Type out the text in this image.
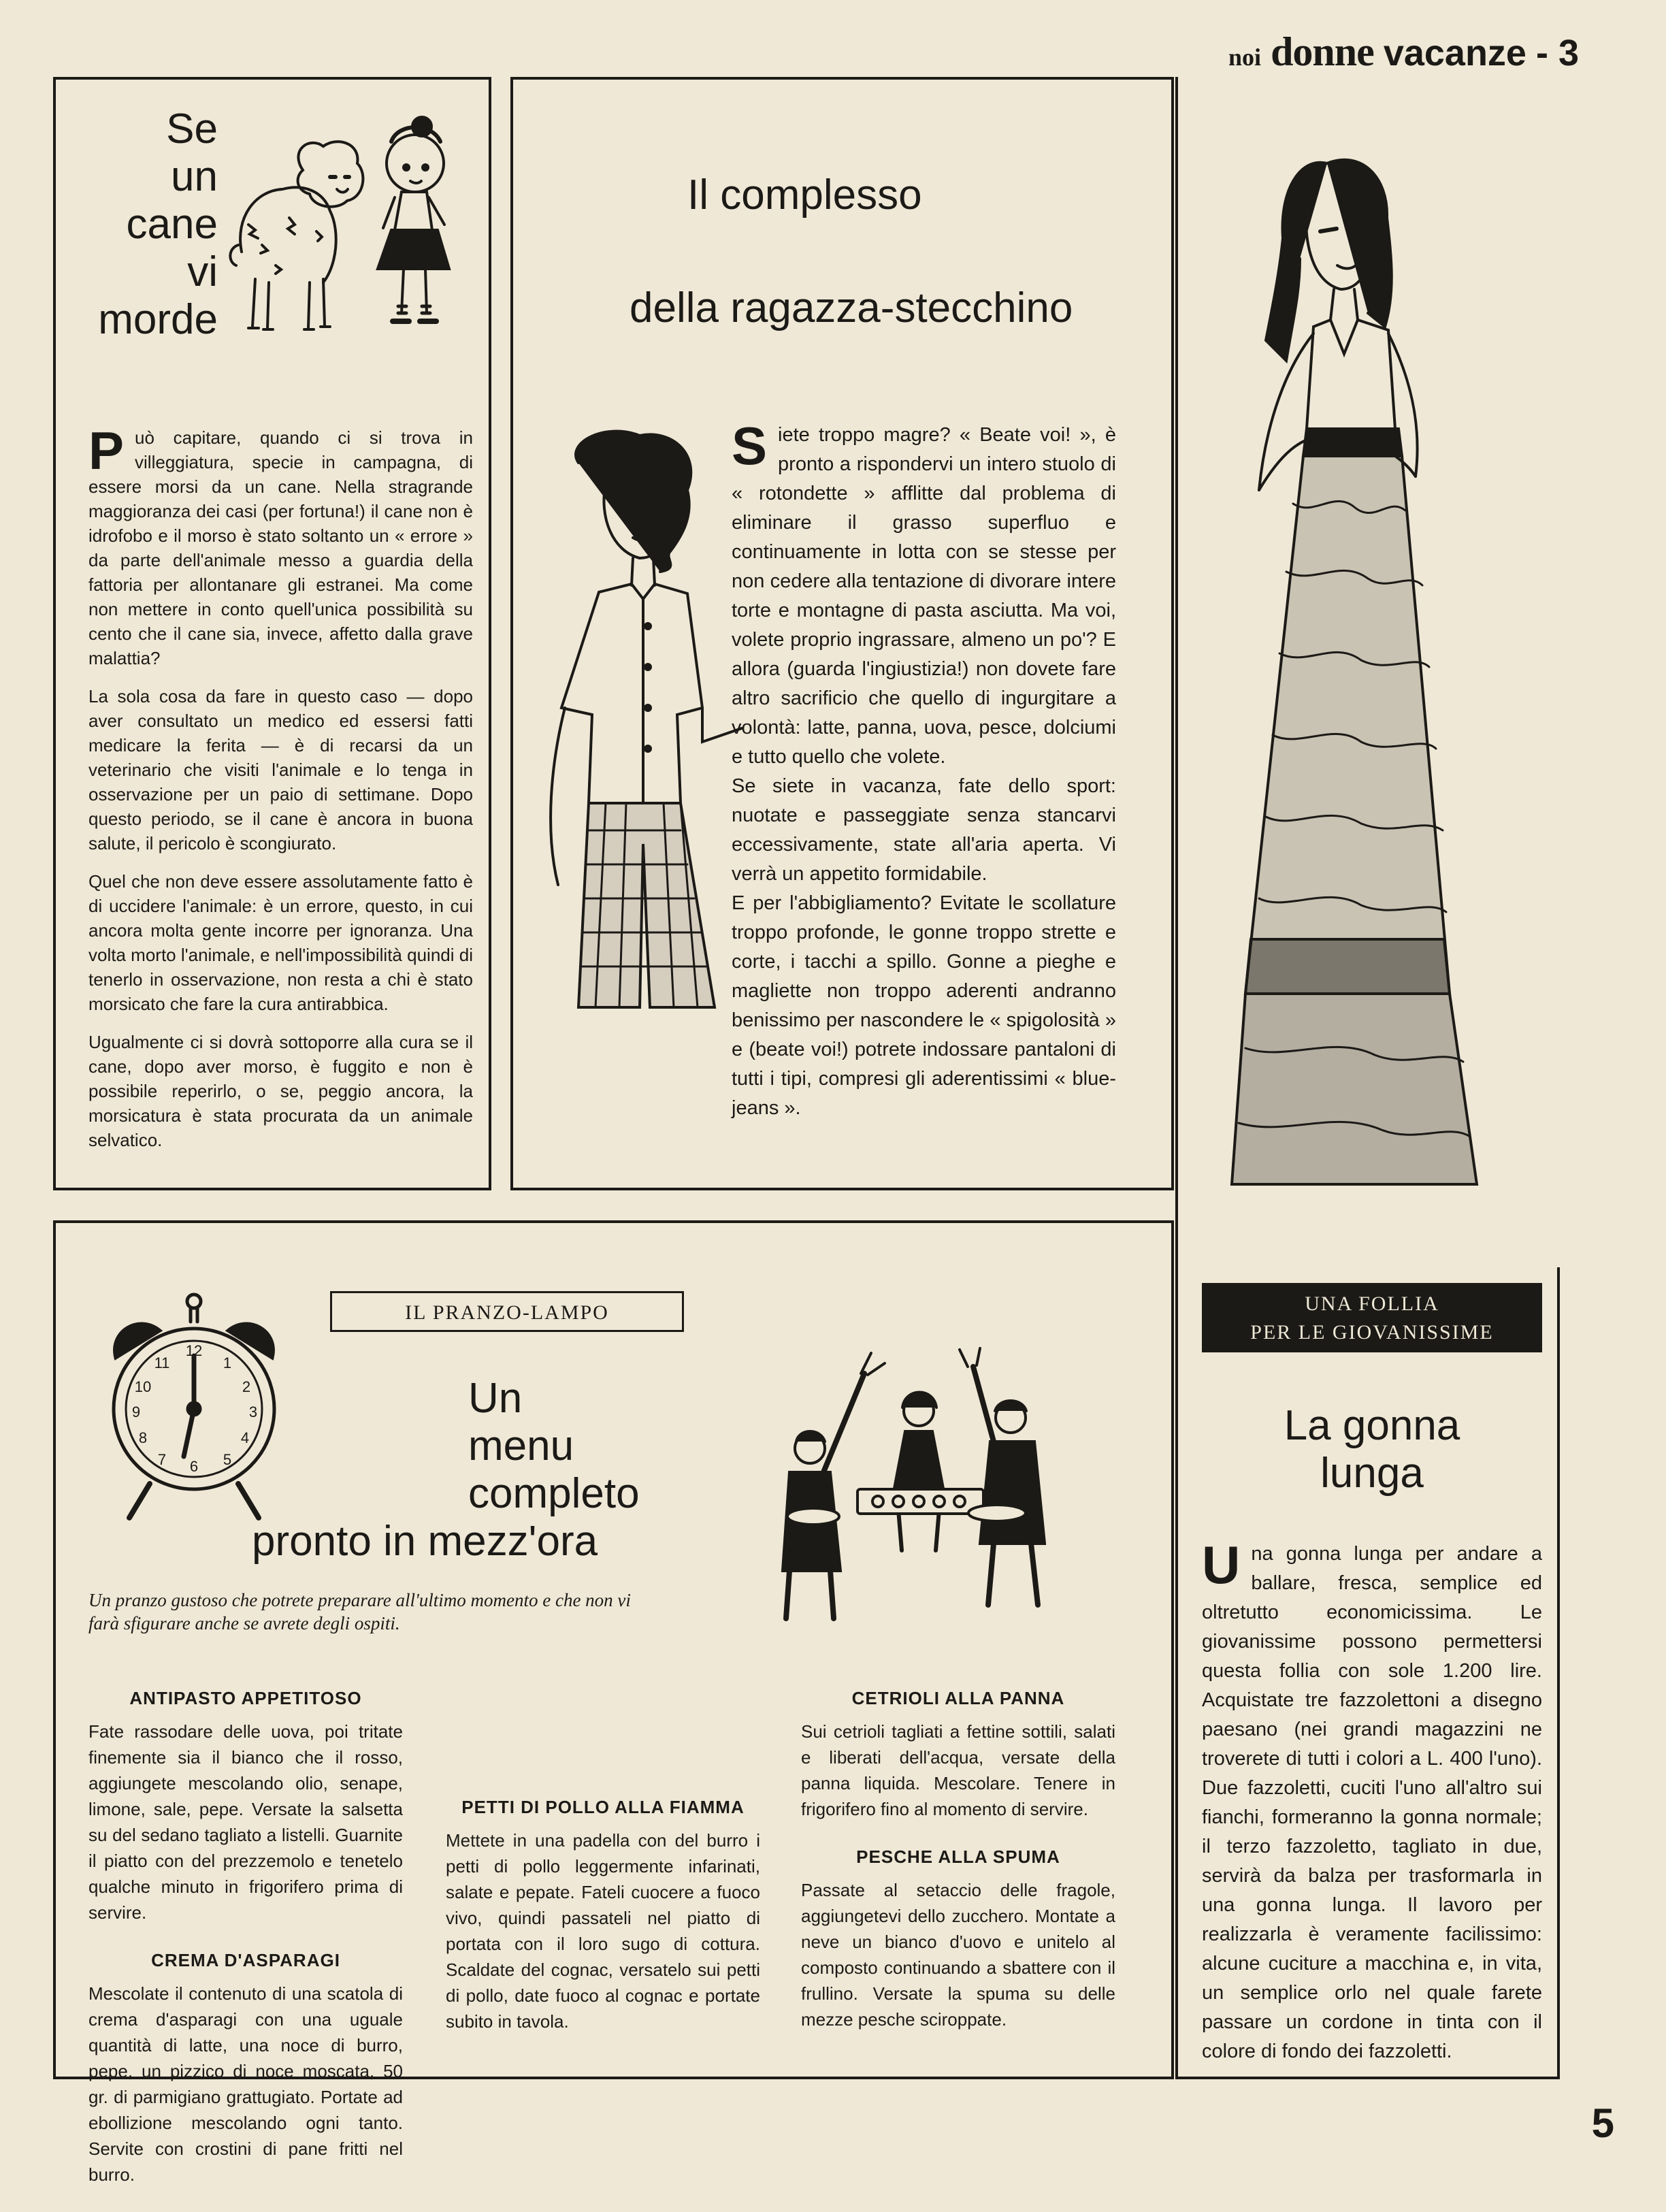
noi donne vacanze - 3
Se
un
cane
vi
morde

Può capitare, quando ci si trova in villeggiatura, specie in campagna, di essere morsi da un cane. Nella stragrande maggioranza dei casi (per fortuna!) il cane non è idrofobo e il morso è stato soltanto un « errore » da parte dell'animale messo a guardia della fattoria per allontanare gli estranei. Ma come non mettere in conto quell'unica possibilità su cento che il cane sia, invece, affetto dalla grave malattia?

La sola cosa da fare in questo caso — dopo aver consultato un medico ed essersi fatti medicare la ferita — è di recarsi da un veterinario che visiti l'animale e lo tenga in osservazione per un paio di settimane. Dopo questo periodo, se il cane è ancora in buona salute, il pericolo è scongiurato.

Quel che non deve essere assolutamente fatto è di uccidere l'animale: è un errore, questo, in cui ancora molta gente incorre per ignoranza. Una volta morto l'animale, e nell'impossibilità quindi di tenerlo in osservazione, non resta a chi è stato morsicato che fare la cura antirabbica.

Ugualmente ci si dovrà sottoporre alla cura se il cane, dopo aver morso, è fuggito e non è possibile reperirlo, o se, peggio ancora, la morsicatura è stata procurata da un animale selvatico.

Il complesso
della ragazza-stecchino

Siete troppo magre? « Beate voi! », è pronto a rispondervi un intero stuolo di « rotondette » afflitte dal problema di eliminare il grasso superfluo e continuamente in lotta con se stesse per non cedere alla tentazione di divorare intere torte e montagne di pasta asciutta. Ma voi, volete proprio ingrassare, almeno un po'? E allora (guarda l'ingiustizia!) non dovete fare altro sacrificio che quello di ingurgitare a volontà: latte, panna, uova, pesce, dolciumi e tutto quello che volete.

Se siete in vacanza, fate dello sport: nuotate e passeggiate senza stancarvi eccessivamente, state all'aria aperta. Vi verrà un appetito formidabile.

E per l'abbigliamento? Evitate le scollature troppo profonde, le gonne troppo strette e corte, i tacchi a spillo. Gonne a pieghe e magliette non troppo aderenti andranno benissimo per nascondere le « spigolosità » e (beate voi!) potrete indossare pantaloni di tutti i tipi, compresi gli aderentissimi « blue-jeans ».

IL PRANZO-LAMPO
12
1
2
3
4
5
6
7
8
9
10
11
Un
menu
completo
pronto in mezz'ora
Un pranzo gustoso che potrete preparare all'ultimo momento e che non vi farà sfigurare anche se avrete degli ospiti.
ANTIPASTO APPETITOSO

Fate rassodare delle uova, poi tritate finemente sia il bianco che il rosso, aggiungete mescolando olio, senape, limone, sale, pepe. Versate la salsetta su del sedano tagliato a listelli. Guarnite il piatto con del prezzemolo e tenetelo qualche minuto in frigorifero prima di servire.

CREMA D'ASPARAGI

Mescolate il contenuto di una scatola di crema d'asparagi con una uguale quantità di latte, una noce di burro, pepe, un pizzico di noce moscata, 50 gr. di parmigiano grattugiato. Portate ad ebollizione mescolando ogni tanto. Servite con crostini di pane fritti nel burro.

PETTI DI POLLO ALLA FIAMMA

Mettete in una padella con del burro i petti di pollo leggermente infarinati, salate e pepate. Fateli cuocere a fuoco vivo, quindi passateli nel piatto di portata con il loro sugo di cottura. Scaldate del cognac, versatelo sui petti di pollo, date fuoco al cognac e portate subito in tavola.

CETRIOLI ALLA PANNA

Sui cetrioli tagliati a fettine sottili, salati e liberati dell'acqua, versate della panna liquida. Mescolare. Tenere in frigorifero fino al momento di servire.

PESCHE ALLA SPUMA

Passate al setaccio delle fragole, aggiungetevi dello zucchero. Montate a neve un bianco d'uovo e unitelo al composto continuando a sbattere con il frullino. Versate la spuma su delle mezze pesche sciroppate.

UNA FOLLIA
PER LE GIOVANISSIME
La gonna
lunga

Una gonna lunga per andare a ballare, fresca, semplice ed oltretutto economicissima. Le giovanissime possono permettersi questa follia con sole 1.200 lire. Acquistate tre fazzolettoni a disegno paesano (nei grandi magazzini ne troverete di tutti i colori a L. 400 l'uno). Due fazzoletti, cuciti l'uno all'altro sui fianchi, formeranno la gonna normale; il terzo fazzoletto, tagliato in due, servirà da balza per trasformarla in una gonna lunga. Il lavoro per realizzarla è veramente facilissimo: alcune cuciture a macchina e, in vita, un semplice orlo nel quale farete passare un cordone in tinta con il colore di fondo dei fazzoletti.

5
